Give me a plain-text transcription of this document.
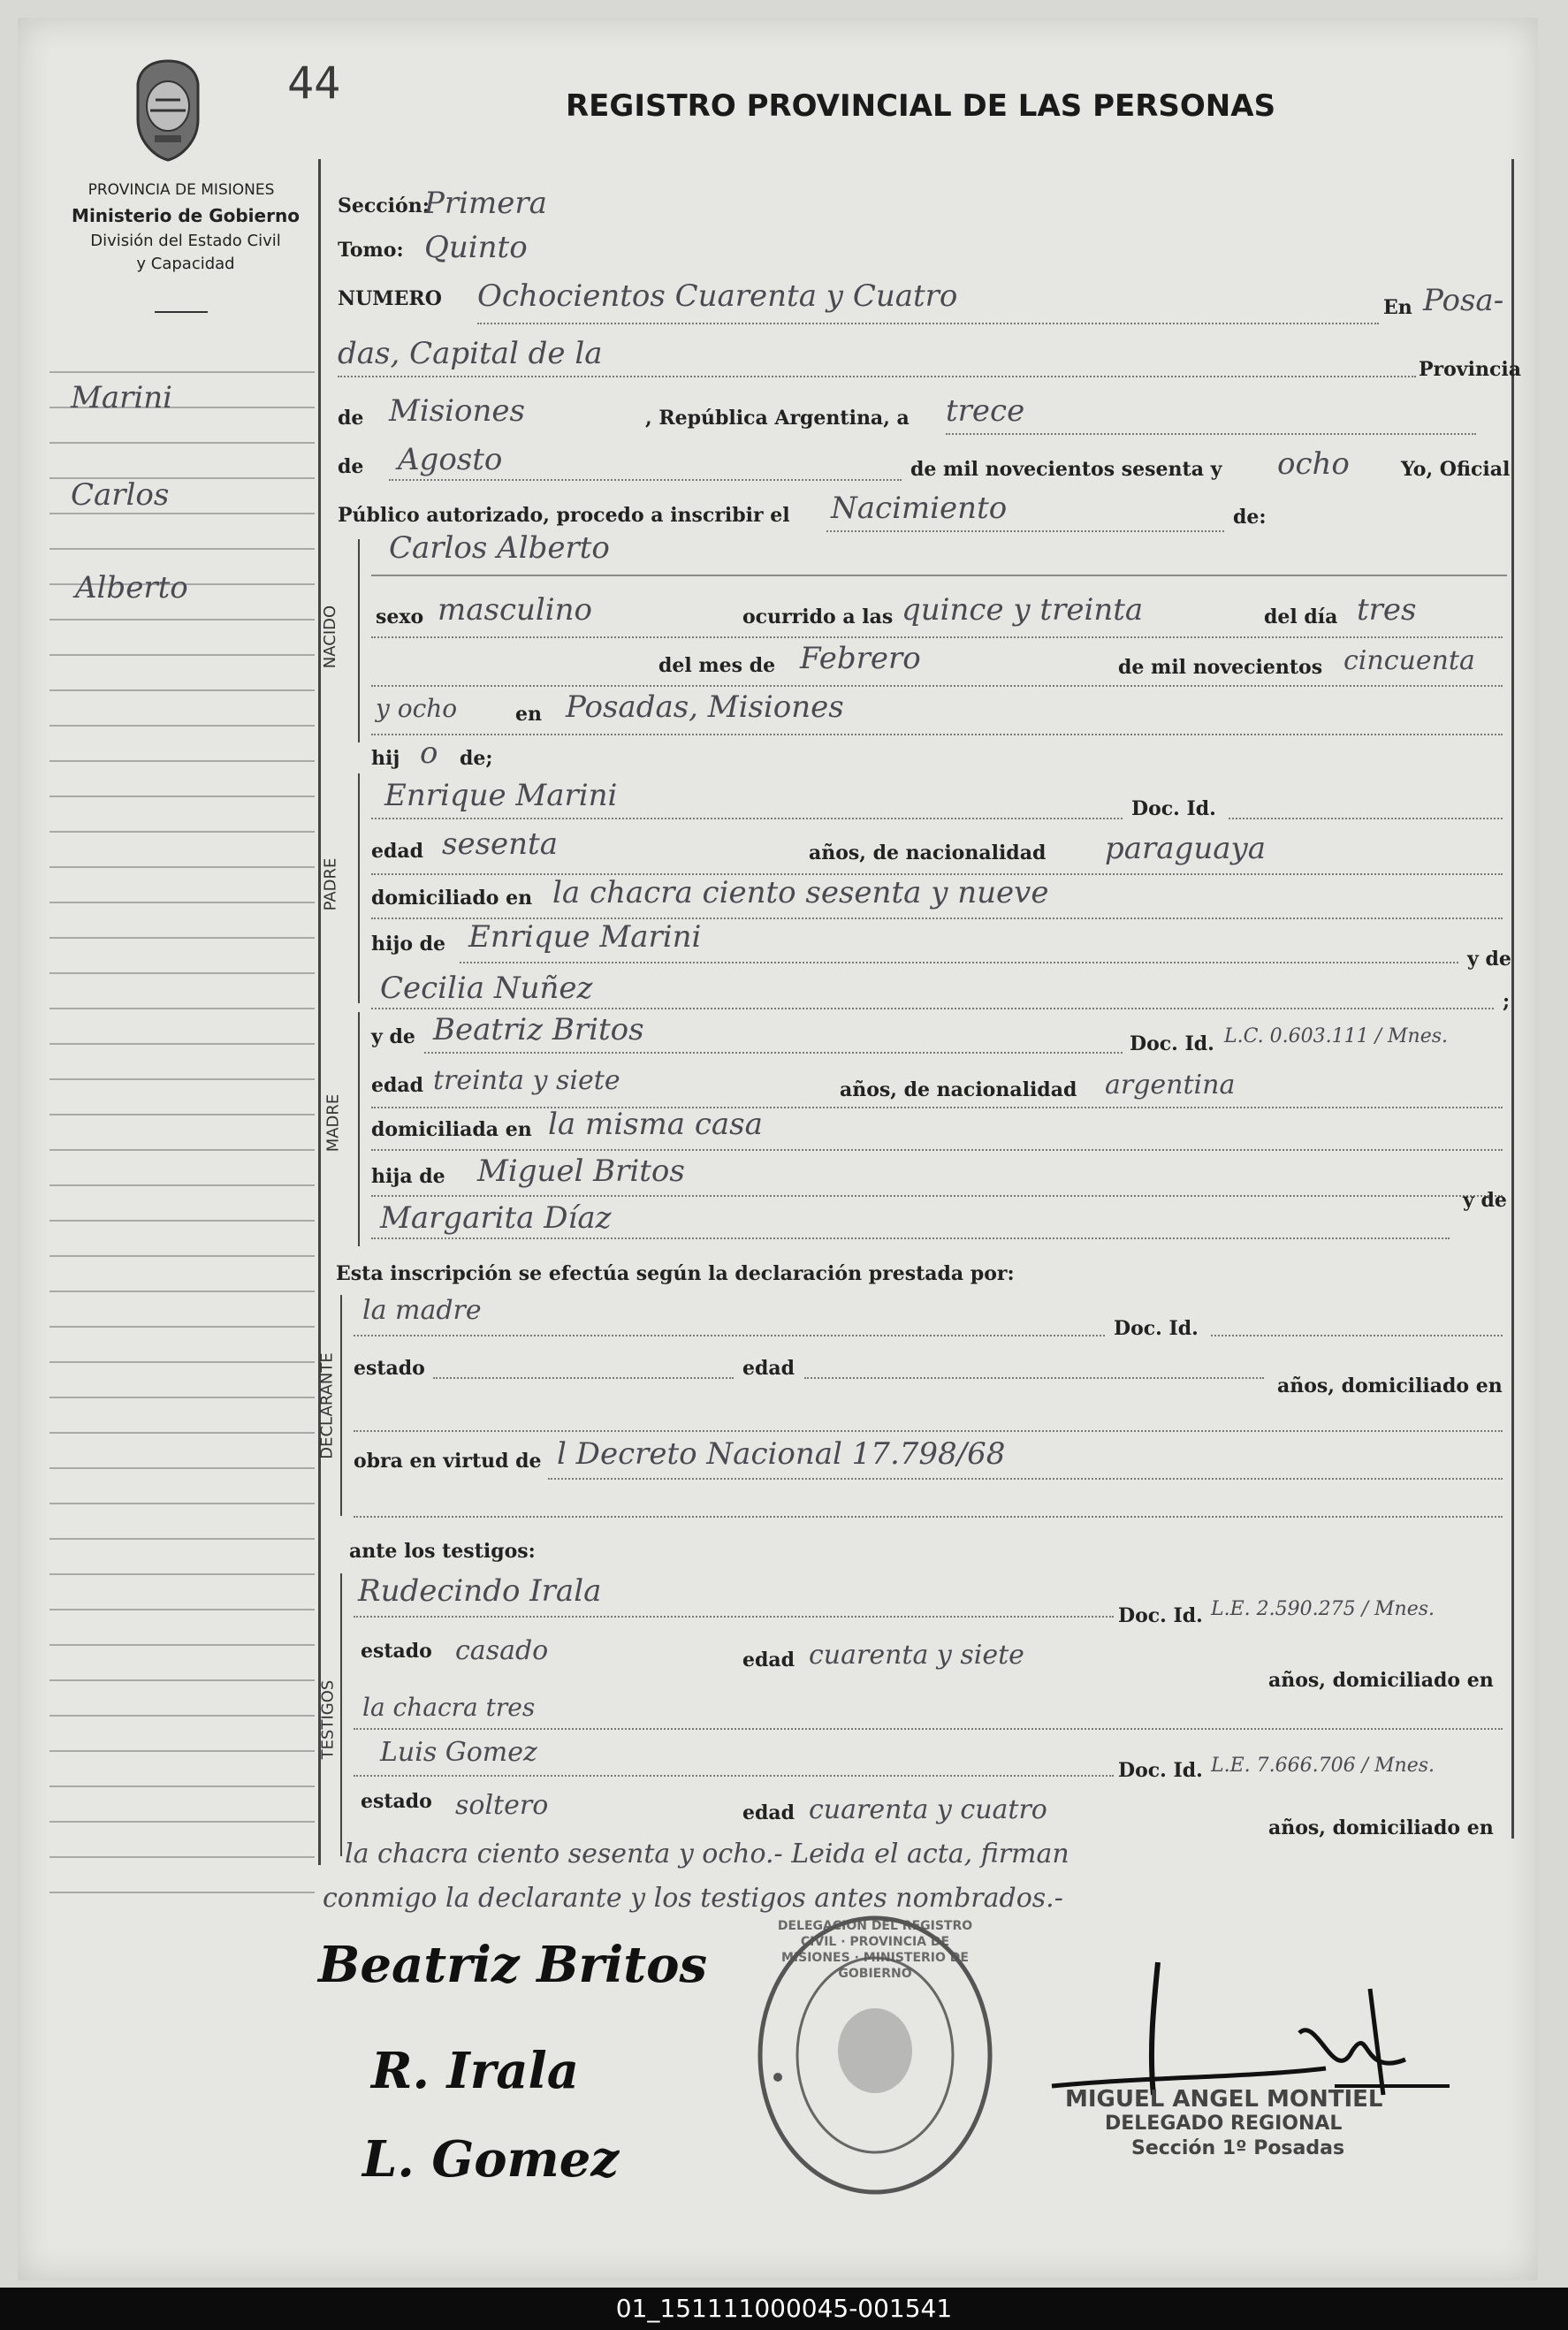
44	REGISTRO PROVINCIAL DE LAS PERSONAS
PROVINCIA DE MISIONES
Ministerio de Gobierno
División del Estado Civil
y Capacidad
Marini
Carlos
Alberto
NACIDO
PADRE
MADRE
DECLARANTE
TESTIGOS
Sección:
Primera
Tomo: Quinto
NUMERO Ochocientos Cuarenta y Cuatro	En Posa-
das, Capital de la	Provincia
de Misiones	, República Argentina, a trece
de Agosto	de mil novecientos sesenta y ocho	Yo, Oficial
Público autorizado, procedo a inscribir el Nacimiento	de:
Carlos Alberto
sexo masculino	ocurrido a las quince y treinta	del día tres
del mes de Febrero	de mil novecientos cincuenta
y ocho	en Posadas, Misiones
hij o de;
Enrique Marini	Doc. Id.
edad sesenta	años, de nacionalidad paraguaya
domiciliado en la chacra ciento sesenta y nueve
hijo de Enrique Marini
y de
Cecilia Nuñez	;
y de Beatriz Britos	Doc. Id. L.C. 0.603.111 / Mnes.
edad treinta y siete	años, de nacionalidad argentina
domiciliada en la misma casa
hija de Miguel Britos
Margarita Díaz	y de
Esta inscripción se efectúa según la declaración prestada por:
la madre
Doc. Id.
estado	edad
años, domiciliado en
obra en virtud de l Decreto Nacional 17.798/68
ante los testigos:
Rudecindo Irala
Doc. Id. L.E. 2.590.275 / Mnes.
estado casado	edad cuarenta y siete
años, domiciliado en
la chacra tres
Luis Gomez
Doc. Id. L.E. 7.666.706 / Mnes.
estado soltero	edad cuarenta y cuatro
años, domiciliado en
la chacra ciento sesenta y ocho.- Leida el acta, firman
conmigo la declarante y los testigos antes nombrados.-
Beatriz Britos
R. Irala
L. Gomez
DELEGACION DEL REGISTRO CIVIL · PROVINCIA DE MISIONES · MINISTERIO DE GOBIERNO
MIGUEL ANGEL MONTIEL
DELEGADO REGIONAL
Sección 1º Posadas
01_151111000045-001541
